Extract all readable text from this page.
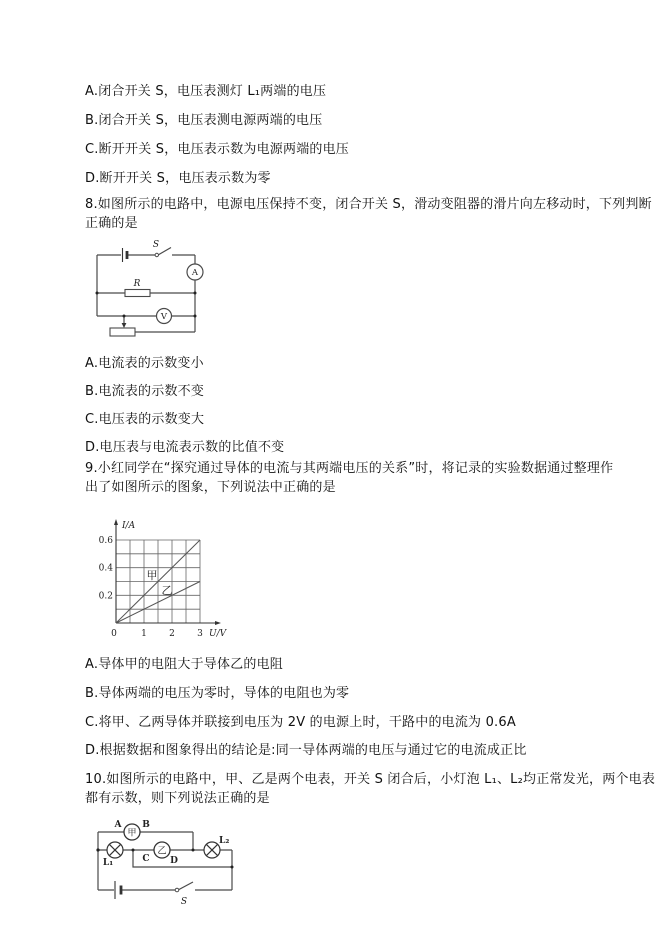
A.闭合开关 S，电压表测灯 L₁两端的电压
B.闭合开关 S，电压表测电源两端的电压
C.断开开关 S，电压表示数为电源两端的电压
D.断开开关 S，电压表示数为零
8.如图所示的电路中，电源电压保持不变，闭合开关 S，滑动变阻器的滑片向左移动时，下列判断
正确的是
S
R
A
V
A.电流表的示数变小
B.电流表的示数不变
C.电压表的示数变大
D.电压表与电流表示数的比值不变
9.小红同学在“探究通过导体的电流与其两端电压的关系”时，将记录的实验数据通过整理作
出了如图所示的图象，下列说法中正确的是
0.6
0.4
0.2
0	1 2 3
I/A
U/V
甲
乙
A.导体甲的电阻大于导体乙的电阻
B.导体两端的电压为零时，导体的电阻也为零
C.将甲、乙两导体并联接到电压为 2V 的电源上时，干路中的电流为 0.6A
D.根据数据和图象得出的结论是:同一导体两端的电压与通过它的电流成正比
10.如图所示的电路中，甲、乙是两个电表，开关 S 闭合后，小灯泡 L₁、L₂均正常发光，两个电表
都有示数，则下列说法正确的是
A B
C D
L₁
L₂
S
甲
乙
